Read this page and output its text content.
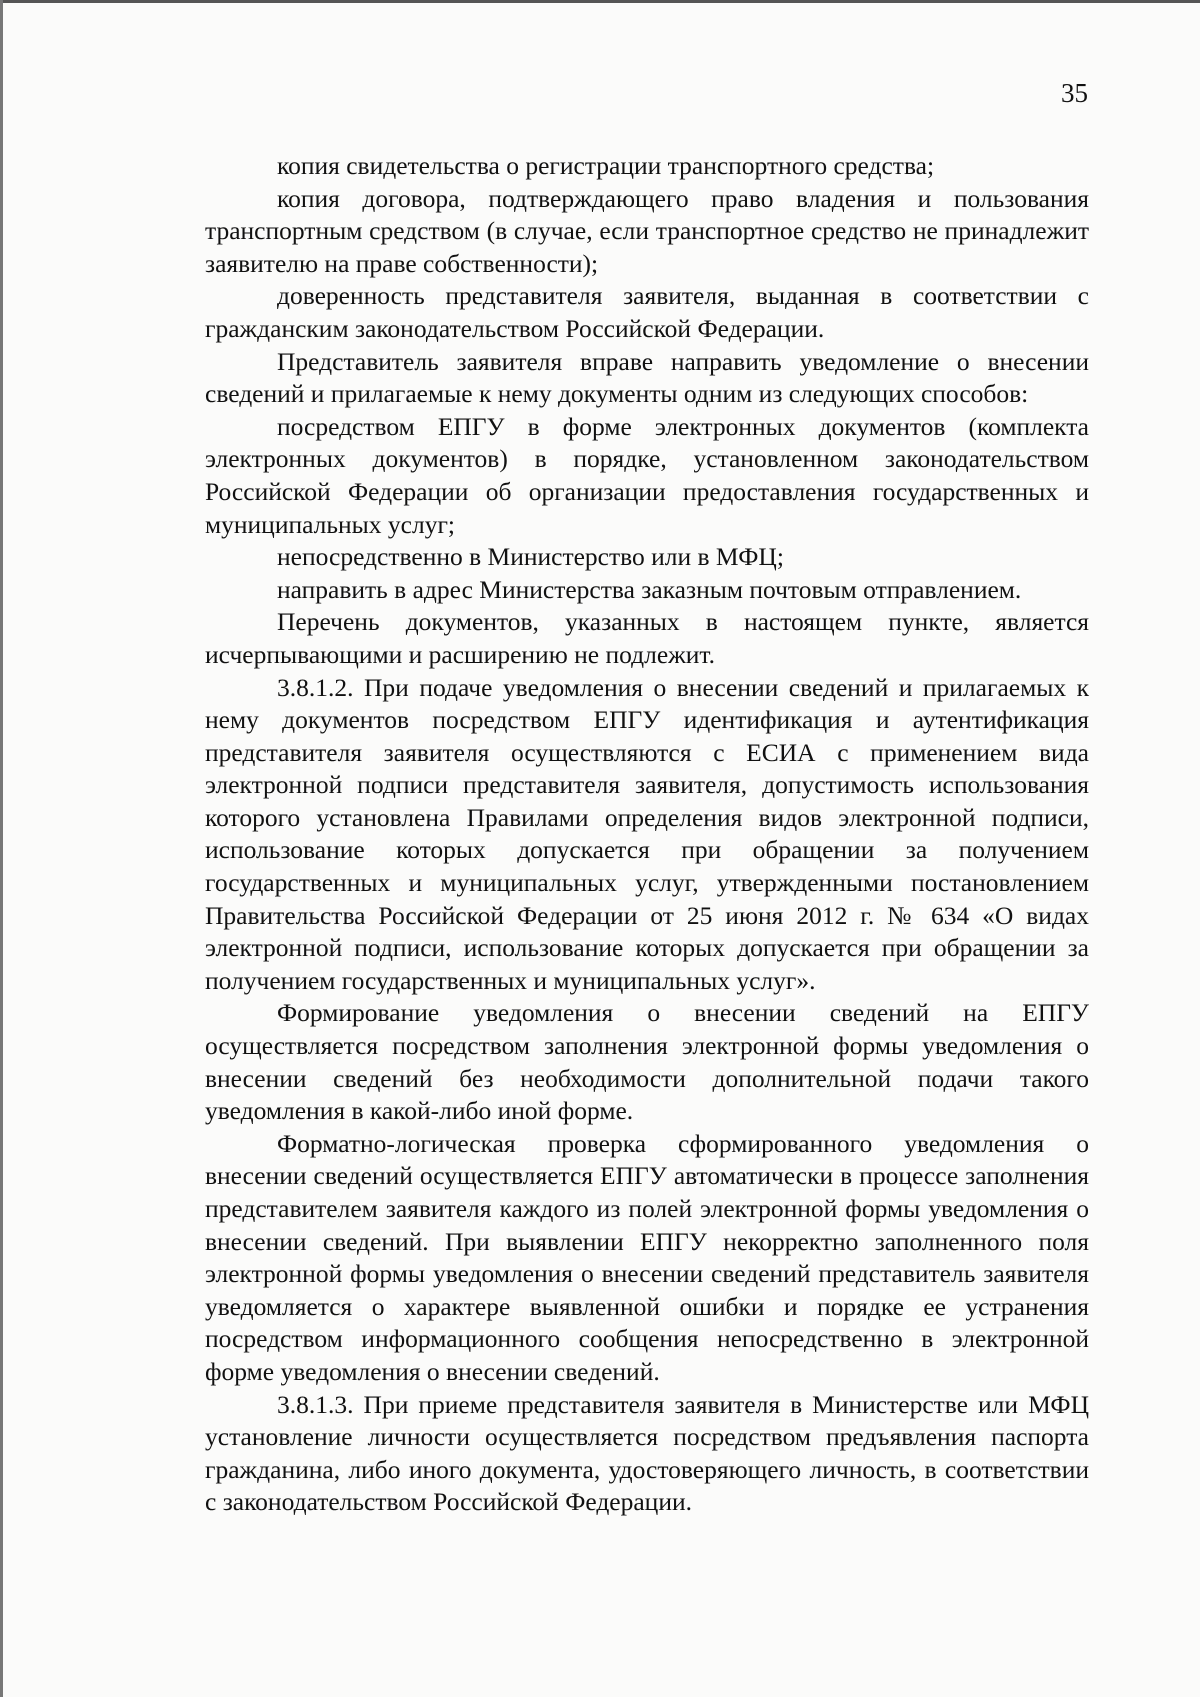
35

копия свидетельства о регистрации транспортного средства;

копия договора, подтверждающего право владения и пользования транспортным средством (в случае, если транспортное средство не принадлежит заявителю на праве собственности);

доверенность представителя заявителя, выданная в соответствии с гражданским законодательством Российской Федерации.

Представитель заявителя вправе направить уведомление о внесении сведений и прилагаемые к нему документы одним из следующих способов:

посредством ЕПГУ в форме электронных документов (комплекта электронных документов) в порядке, установленном законодательством Российской Федерации об организации предоставления государственных и муниципальных услуг;

непосредственно в Министерство или в МФЦ;

направить в адрес Министерства заказным почтовым отправлением.

Перечень документов, указанных в настоящем пункте, является исчерпывающими и расширению не подлежит.

3.8.1.2. При подаче уведомления о внесении сведений и прилагаемых к нему документов посредством ЕПГУ идентификация и аутентификация представителя заявителя осуществляются с ЕСИА с применением вида электронной подписи представителя заявителя, допустимость использования которого установлена Правилами определения видов электронной подписи, использование которых допускается при обращении за получением государственных и муниципальных услуг, утвержденными постановлением Правительства Российской Федерации от 25 июня 2012 г. № 634 «О видах электронной подписи, использование которых допускается при обращении за получением государственных и муниципальных услуг».

Формирование уведомления о внесении сведений на ЕПГУ осуществляется посредством заполнения электронной формы уведомления о внесении сведений без необходимости дополнительной подачи такого уведомления в какой-либо иной форме.

Форматно-логическая проверка сформированного уведомления о внесении сведений осуществляется ЕПГУ автоматически в процессе заполнения представителем заявителя каждого из полей электронной формы уведомления о внесении сведений. При выявлении ЕПГУ некорректно заполненного поля электронной формы уведомления о внесении сведений представитель заявителя уведомляется о характере выявленной ошибки и порядке ее устранения посредством информационного сообщения непосредственно в электронной форме уведомления о внесении сведений.

3.8.1.3. При приеме представителя заявителя в Министерстве или МФЦ установление личности осуществляется посредством предъявления паспорта гражданина, либо иного документа, удостоверяющего личность, в соответствии с законодательством Российской Федерации.
